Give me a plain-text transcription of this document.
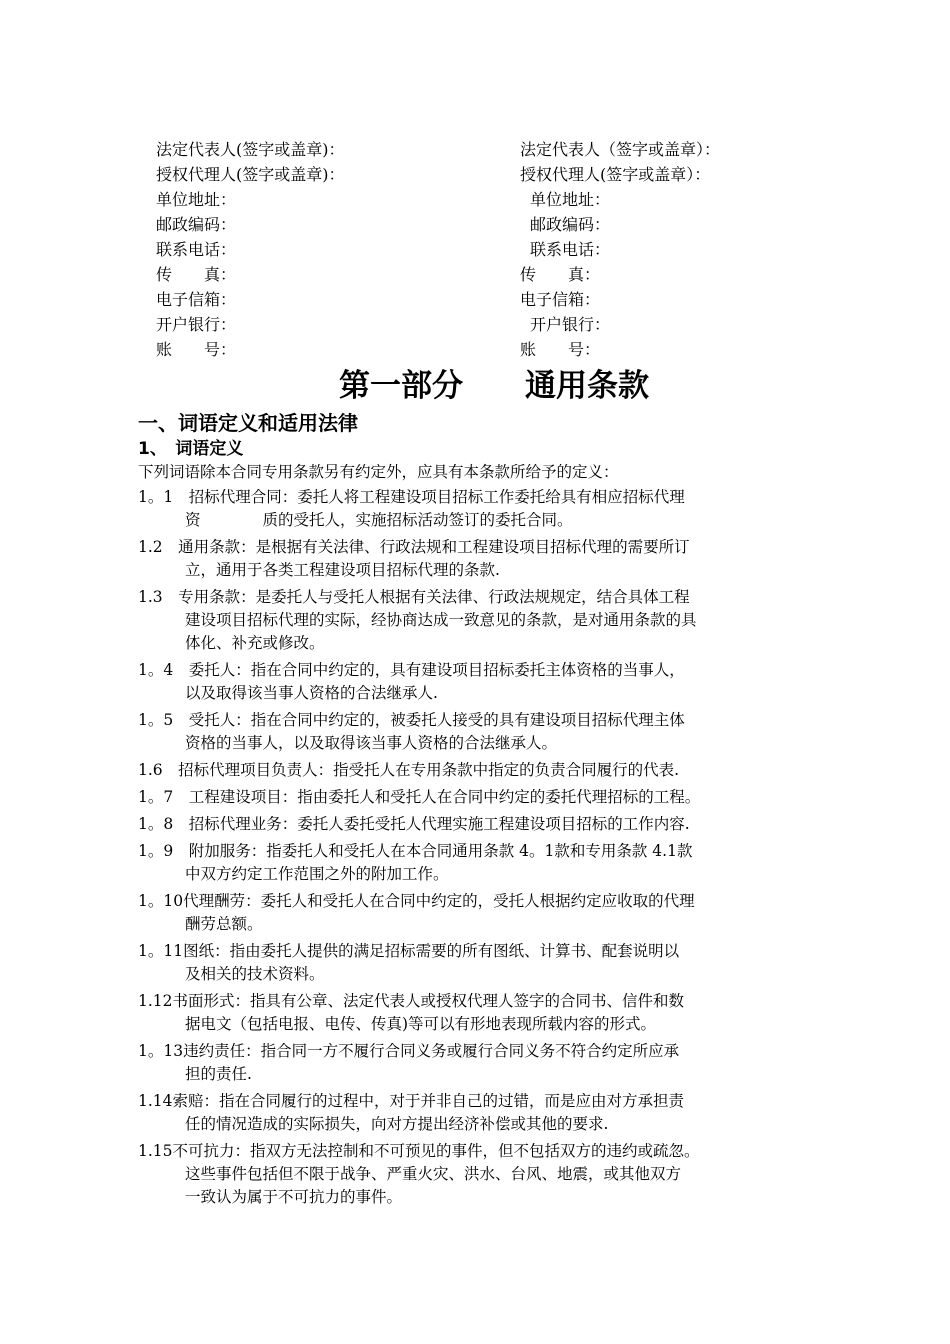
法定代表人(签字或盖章)：
授权代理人(签字或盖章)：
单位地址：
邮政编码：
联系电话：
传　　真：
电子信箱：
开户银行：
账　　号：
法定代表人（签字或盖章）：
授权代理人(签字或盖章）：
单位地址：
邮政编码：
联系电话：
传　　真：
电子信箱：
开户银行：
账　　号：
第一部分　　通用条款
一、词语定义和适用法律
1、　词语定义
下列词语除本合同专用条款另有约定外，应具有本条款所给予的定义：
1。1　招标代理合同：委托人将工程建设项目招标工作委托给具有相应招标代理
资　　　　质的受托人，实施招标活动签订的委托合同。
1.2　通用条款：是根据有关法律、行政法规和工程建设项目招标代理的需要所订
立，通用于各类工程建设项目招标代理的条款.
1.3　专用条款：是委托人与受托人根据有关法律、行政法规规定，结合具体工程
建设项目招标代理的实际，经协商达成一致意见的条款，是对通用条款的具
体化、补充或修改。
1。4　委托人：指在合同中约定的，具有建设项目招标委托主体资格的当事人，
以及取得该当事人资格的合法继承人.
1。5　受托人：指在合同中约定的，被委托人接受的具有建设项目招标代理主体
资格的当事人，以及取得该当事人资格的合法继承人。
1.6　招标代理项目负责人：指受托人在专用条款中指定的负责合同履行的代表.
1。7　工程建设项目：指由委托人和受托人在合同中约定的委托代理招标的工程。
1。8　招标代理业务：委托人委托受托人代理实施工程建设项目招标的工作内容.
1。9　附加服务：指委托人和受托人在本合同通用条款 4。1款和专用条款 4.1款
中双方约定工作范围之外的附加工作。
1。10代理酬劳：委托人和受托人在合同中约定的，受托人根据约定应收取的代理
酬劳总额。
1。11图纸：指由委托人提供的满足招标需要的所有图纸、计算书、配套说明以
及相关的技术资料。
1.12书面形式：指具有公章、法定代表人或授权代理人签字的合同书、信件和数
据电文（包括电报、电传、传真)等可以有形地表现所载内容的形式。
1。13违约责任：指合同一方不履行合同义务或履行合同义务不符合约定所应承
担的责任.
1.14索赔：指在合同履行的过程中，对于并非自己的过错，而是应由对方承担责
任的情况造成的实际损失，向对方提出经济补偿或其他的要求.
1.15不可抗力：指双方无法控制和不可预见的事件，但不包括双方的违约或疏忽。
这些事件包括但不限于战争、严重火灾、洪水、台风、地震，或其他双方
一致认为属于不可抗力的事件。
